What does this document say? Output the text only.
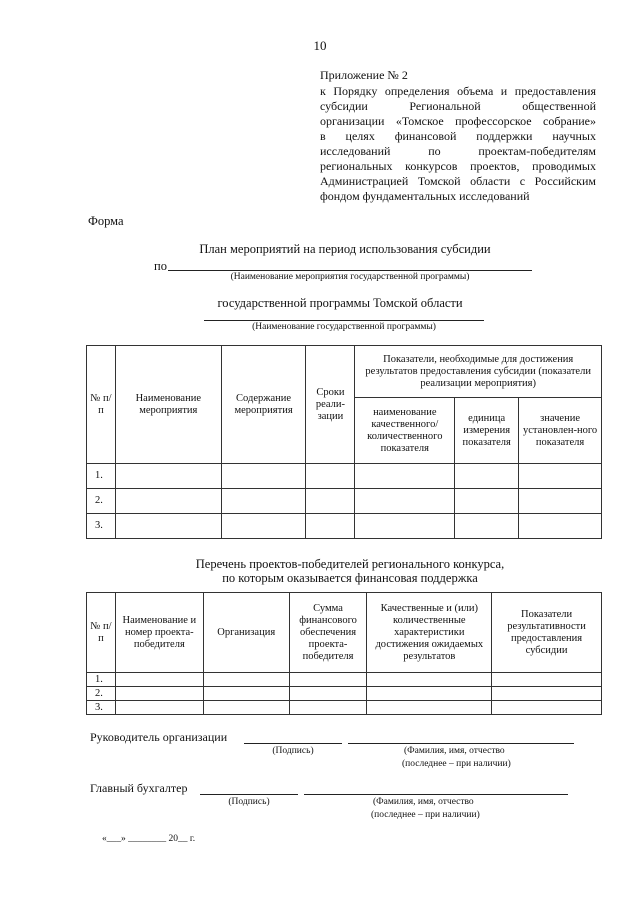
10
Приложение № 2
к Порядку определения объема и предоставления
субсидии Региональной общественной
организации «Томское профессорское собрание»
в целях финансовой поддержки научных
исследований по проектам-победителям
региональных конкурсов проектов, проводимых
Администрацией Томской области с Российским
фондом фундаментальных исследований
Форма
План мероприятий на период использования субсидии
по
(Наименование мероприятия государственной программы)
государственной программы Томской области
(Наименование государственной программы)
№ п/п	Наименование мероприятия	Содержание мероприятия	Сроки реали-зации	Показатели, необходимые для достижения результатов предоставления субсидии (показатели реализации мероприятия)		
				наименование качественного/ количественного показателя	единица измерения показателя	значение установлен-ного показателя
1.						
2.						
3.						
Перечень проектов-победителей регионального конкурса,
по которым оказывается финансовая поддержка
№ п/п	Наименование и номер проекта-победителя	Организация	Сумма финансового обеспечения проекта-победителя	Качественные и (или) количественные характеристики достижения ожидаемых результатов	Показатели результативности предоставления субсидии
1.					
2.					
3.					
Руководитель организации
(Подпись)	(Фамилия, имя, отчество
(последнее – при наличии)
Главный бухгалтер
(Подпись)	(Фамилия, имя, отчество
(последнее – при наличии)
«___» ________ 20__ г.
